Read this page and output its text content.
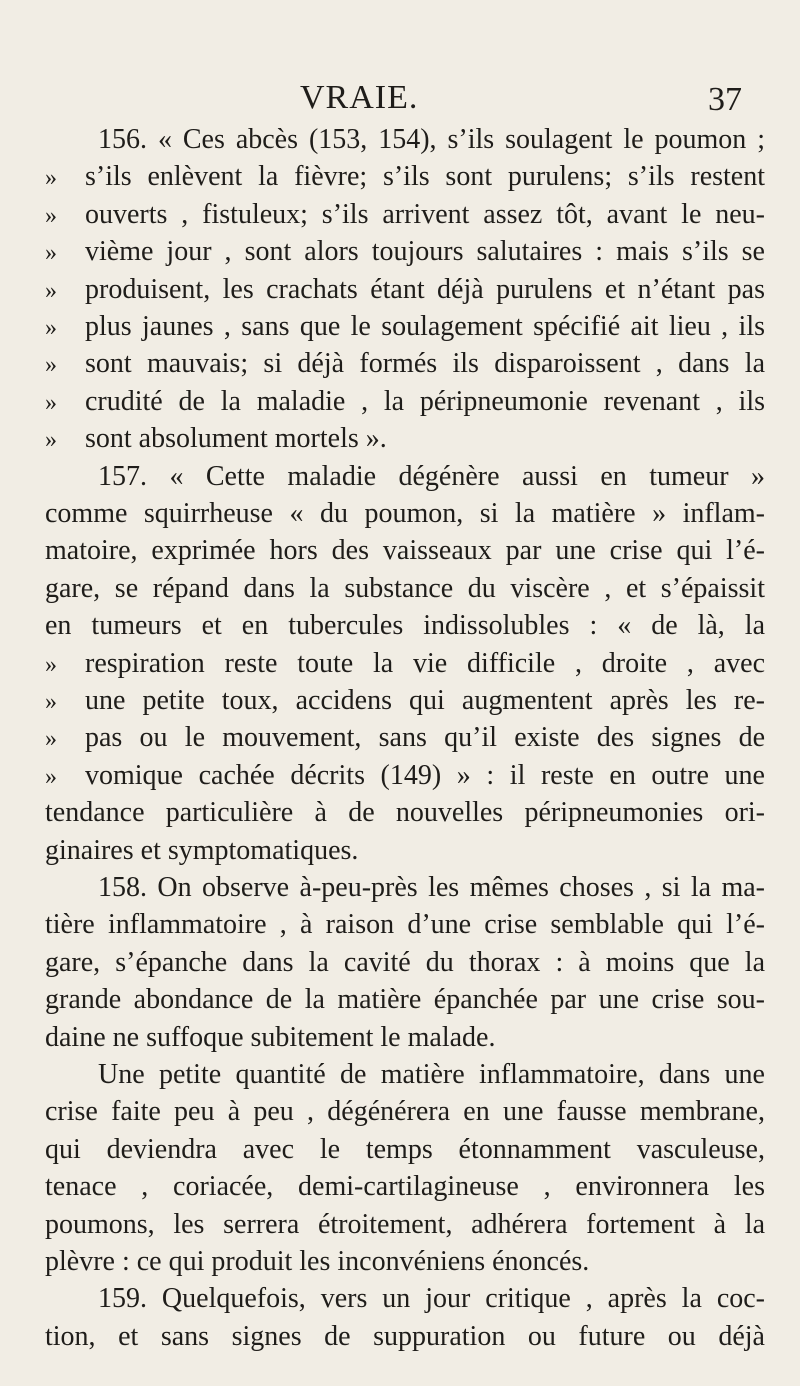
VRAIE.	37
156. « Ces abcès (153, 154), s’ils soulagent le poumon ;
» s’ils enlèvent la fièvre; s’ils sont purulens; s’ils restent
» ouverts , fistuleux; s’ils arrivent assez tôt, avant le neu-
» vième jour , sont alors toujours salutaires : mais s’ils se
» produisent, les crachats étant déjà purulens et n’étant pas
» plus jaunes , sans que le soulagement spécifié ait lieu , ils
» sont mauvais; si déjà formés ils disparoissent , dans la
» crudité de la maladie , la péripneumonie revenant , ils
» sont absolument mortels ».
157. « Cette maladie dégénère aussi en tumeur »
comme squirrheuse « du poumon, si la matière » inflam-
matoire, exprimée hors des vaisseaux par une crise qui l’é-
gare, se répand dans la substance du viscère , et s’épaissit
en tumeurs et en tubercules indissolubles : « de là, la
» respiration reste toute la vie difficile , droite , avec
» une petite toux, accidens qui augmentent après les re-
» pas ou le mouvement, sans qu’il existe des signes de
» vomique cachée décrits (149) » : il reste en outre une
tendance particulière à de nouvelles péripneumonies ori-
ginaires et symptomatiques.
158. On observe à-peu-près les mêmes choses , si la ma-
tière inflammatoire , à raison d’une crise semblable qui l’é-
gare, s’épanche dans la cavité du thorax : à moins que la
grande abondance de la matière épanchée par une crise sou-
daine ne suffoque subitement le malade.
Une petite quantité de matière inflammatoire, dans une
crise faite peu à peu , dégénérera en une fausse membrane,
qui deviendra avec le temps étonnamment vasculeuse,
tenace , coriacée, demi-cartilagineuse , environnera les
poumons, les serrera étroitement, adhérera fortement à la
plèvre : ce qui produit les inconvéniens énoncés.
159. Quelquefois, vers un jour critique , après la coc-
tion, et sans signes de suppuration ou future ou déjà
